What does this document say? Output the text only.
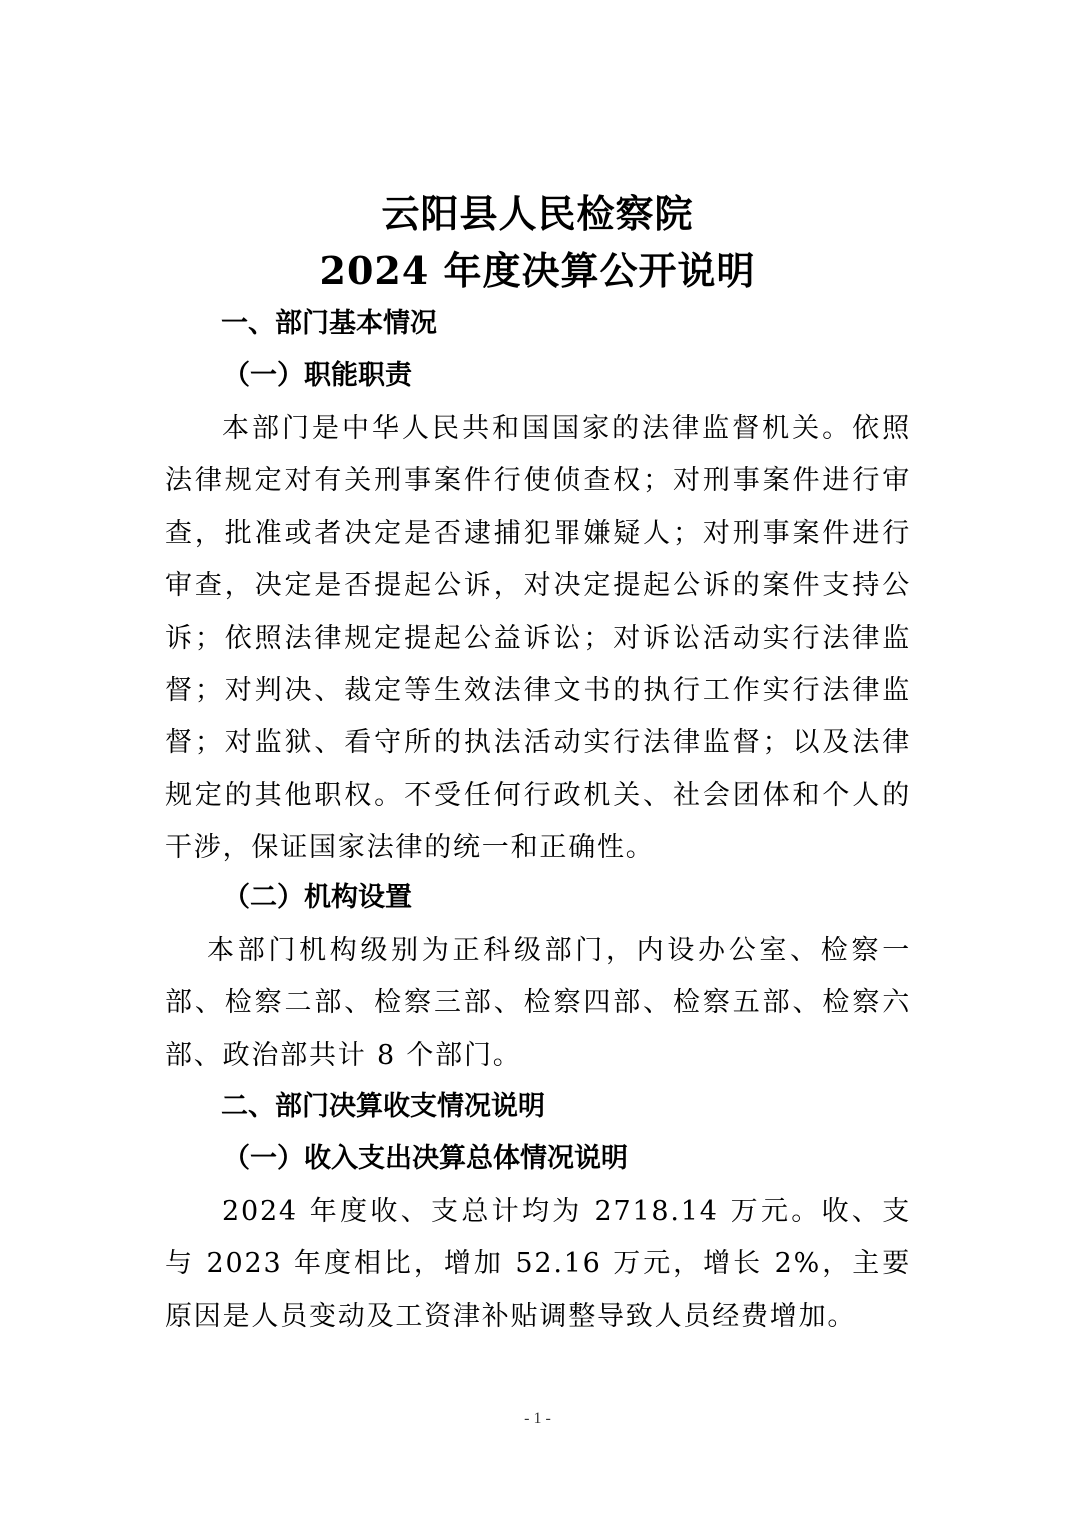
云阳县人民检察院
2024 年度决算公开说明
一、部门基本情况
（一）职能职责

本部门是中华人民共和国国家的法律监督机关。依照法律规定对有关刑事案件行使侦查权；对刑事案件进行审查，批准或者决定是否逮捕犯罪嫌疑人；对刑事案件进行审查，决定是否提起公诉，对决定提起公诉的案件支持公诉；依照法律规定提起公益诉讼；对诉讼活动实行法律监督；对判决、裁定等生效法律文书的执行工作实行法律监督；对监狱、看守所的执法活动实行法律监督；以及法律规定的其他职权。不受任何行政机关、社会团体和个人的干涉，保证国家法律的统一和正确性。

（二）机构设置

本部门机构级别为正科级部门，内设办公室、检察一部、检察二部、检察三部、检察四部、检察五部、检察六部、政治部共计 8 个部门。

二、部门决算收支情况说明
（一）收入支出决算总体情况说明

2024 年度收、支总计均为 2718.14 万元。收、支与 2023 年度相比，增加 52.16 万元，增长 2%，主要原因是人员变动及工资津补贴调整导致人员经费增加。

- 1 -
